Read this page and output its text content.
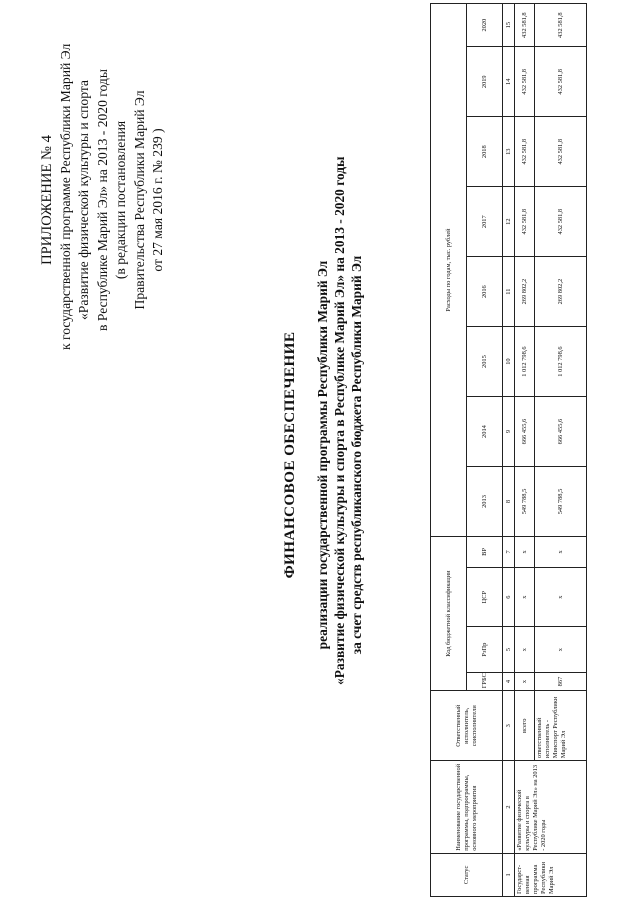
ПРИЛОЖЕНИЕ № 4 к государственной программе Республики Марий Эл «Развитие физической культуры и спорта в Республике Марий Эл» на 2013 - 2020 годы (в редакции постановления Правительства Республики Марий Эл от 27 мая 2016 г. № 239 )
ФИНАНСОВОЕ ОБЕСПЕЧЕНИЕ реализации государственной программы Республики Марий Эл «Развитие физической культуры и спорта в Республике Марий Эл» на 2013 - 2020 годы за счет средств республиканского бюджета Республики Марий Эл
Статус	Наименование государственной программы, подпрограммы, основного мероприятия	Ответственный исполнитель, соисполнители	Код бюджетной классификации				Расходы по годам, тыс. рублей							
			ГРБС	РзПр	ЦСР	ВР	2013	2014	2015	2016	2017	2018	2019	2020
1	2	3	4	5	6	7	8	9	10	11	12	13	14	15
Государст-венная программа Республики Марий Эл	«Развитие физической культуры и спорта в Республике Марий Эл» на 2013 - 2020 годы	всего	x	x	x	x	549 788,5	666 455,6	1 012 798,6	269 802,2	432 581,8	432 581,8	432 581,8	432 581,8
		ответственный исполнитель - Минспорт Республики Марий Эл	867	x	x	x	549 788,5	666 455,6	1 012 798,6	269 802,2	432 581,8	432 581,8	432 581,8	432 581,8
